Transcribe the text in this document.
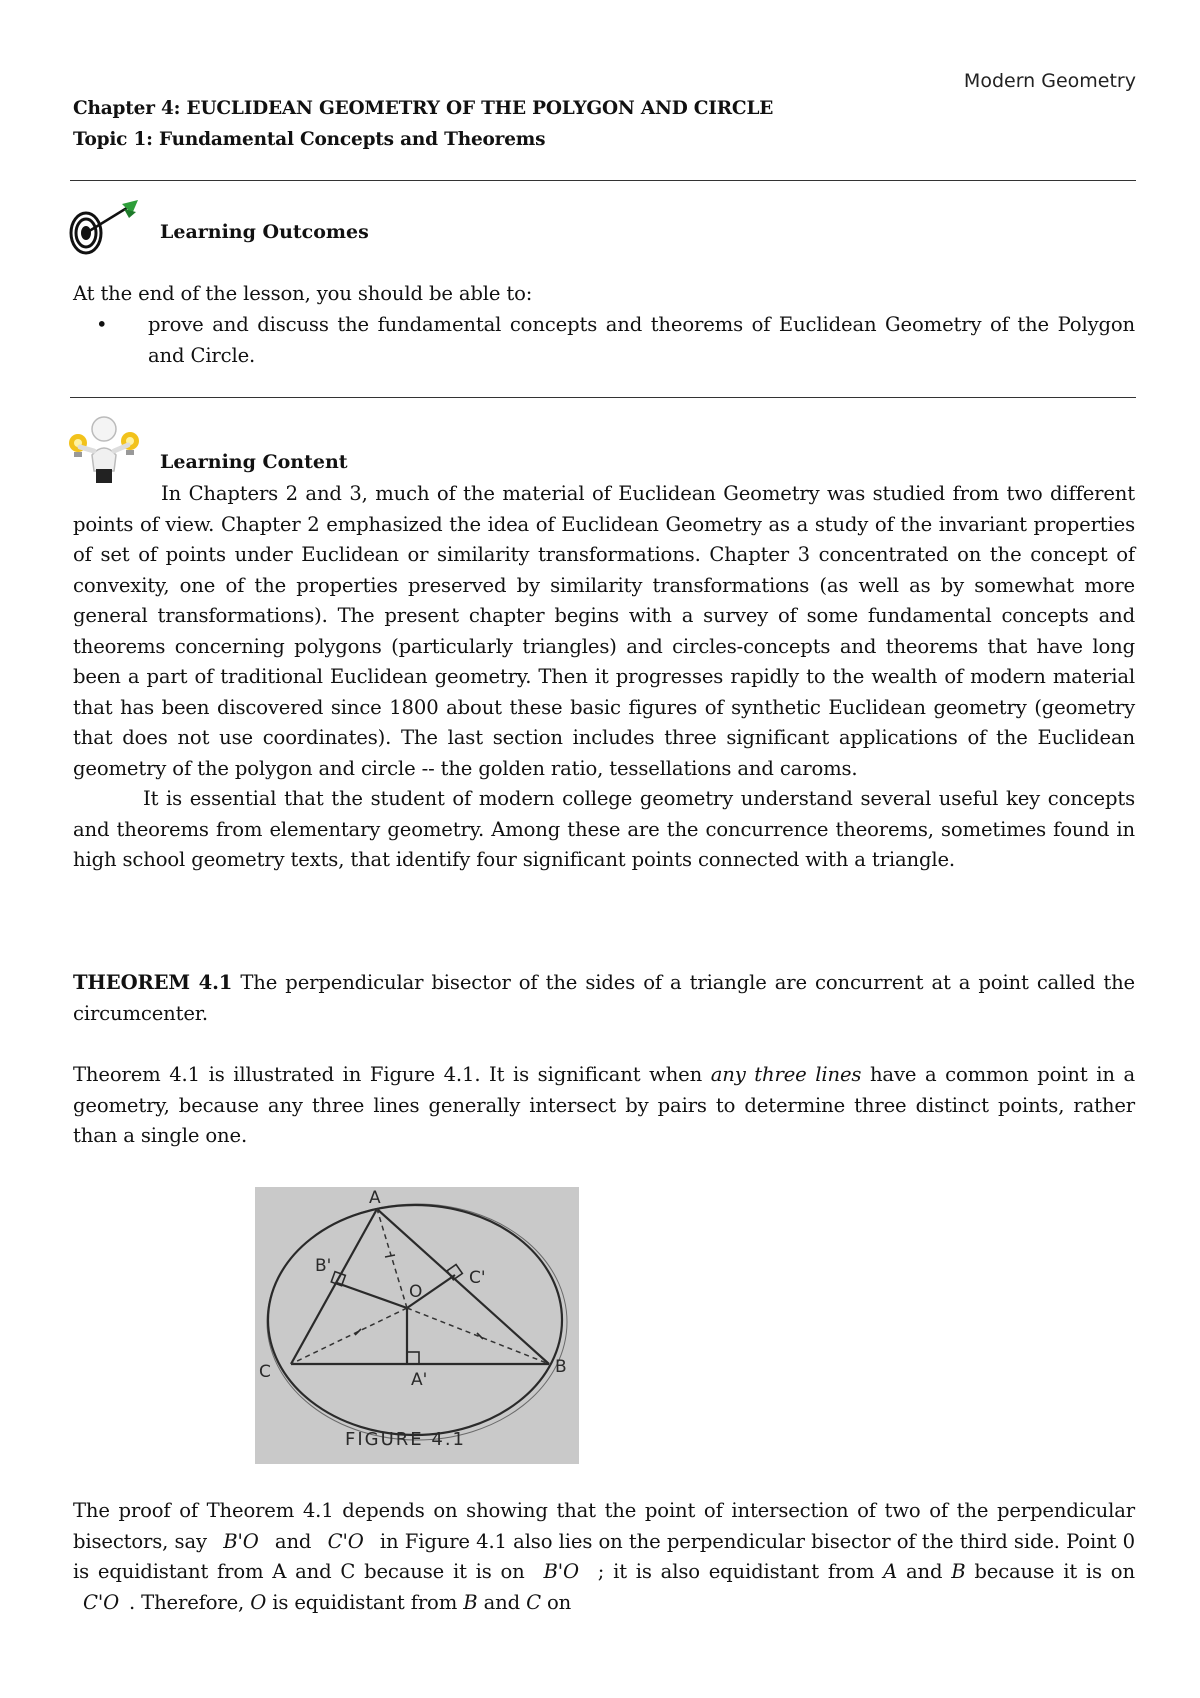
Modern Geometry
Chapter 4: EUCLIDEAN GEOMETRY OF THE POLYGON AND CIRCLE
Topic 1: Fundamental Concepts and Theorems
Learning Outcomes
At the end of the lesson, you should be able to:
• prove and discuss the fundamental concepts and theorems of Euclidean Geometry of the Polygon and Circle.
Learning Content

In Chapters 2 and 3, much of the material of Euclidean Geometry was studied from two different points of view. Chapter 2 emphasized the idea of Euclidean Geometry as a study of the invariant properties of set of points under Euclidean or similarity transformations. Chapter 3 concentrated on the concept of convexity, one of the properties preserved by similarity transformations (as well as by somewhat more general transformations). The present chapter begins with a survey of some fundamental concepts and theorems concerning polygons (particularly triangles) and circles-concepts and theorems that have long been a part of traditional Euclidean geometry. Then it progresses rapidly to the wealth of modern material that has been discovered since 1800 about these basic figures of synthetic Euclidean geometry (geometry that does not use coordinates). The last section includes three significant applications of the Euclidean geometry of the polygon and circle -- the golden ratio, tessellations and caroms.

It is essential that the student of modern college geometry understand several useful key concepts and theorems from elementary geometry. Among these are the concurrence theorems, sometimes found in high school geometry texts, that identify four significant points connected with a triangle.

THEOREM 4.1 The perpendicular bisector of the sides of a triangle are concurrent at a point called the circumcenter.
Theorem 4.1 is illustrated in Figure 4.1. It is significant when any three lines have a common point in a geometry, because any three lines generally intersect by pairs to determine three distinct points, rather than a single one.
A
B
C
O
A'
B'
C'
FIGURE 4.1
The proof of Theorem 4.1 depends on showing that the point of intersection of two of the perpendicular bisectors, say B'O and C'O in Figure 4.1 also lies on the perpendicular bisector of the third side. Point 0 is equidistant from A and C because it is on B'O ; it is also equidistant from A and B because it is on C'O . Therefore, O is equidistant from B and C on
